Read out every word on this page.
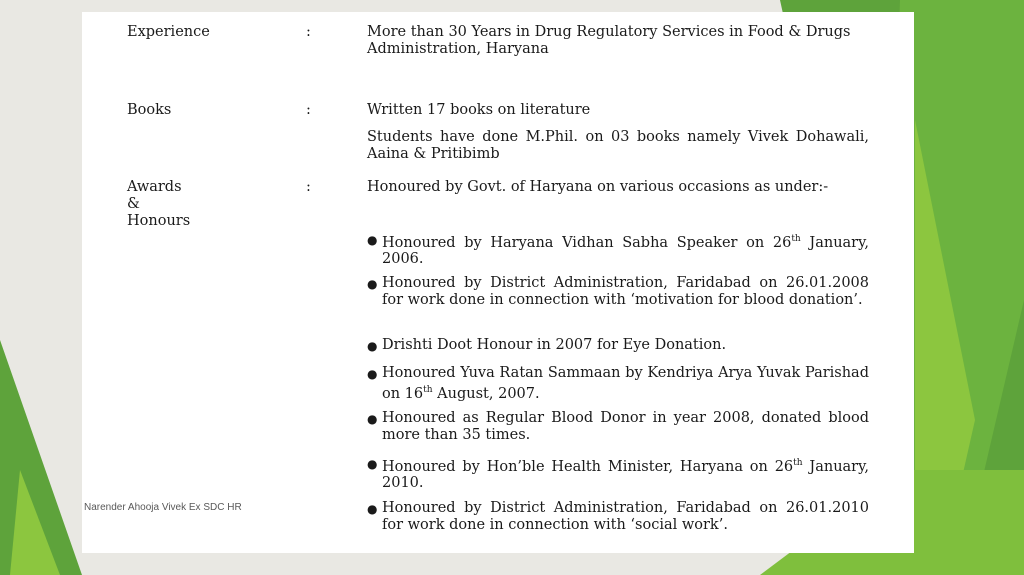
Experience	:	More than 30 Years in Drug Regulatory Services in Food & Drugs Administration, Haryana
Books	:	Written 17 books on literature
Students have done M.Phil. on 03 books namely Vivek Dohawali, Aaina & Pritibimb
Awards
&
Honours
:	Honoured by Govt. of Haryana on various occasions as under:-
● Honoured by Haryana Vidhan Sabha Speaker on 26th January, 2006.
● Honoured by District Administration, Faridabad on 26.01.2008 for work done in connection with ‘motivation for blood donation’.
● Drishti Doot Honour in 2007 for Eye Donation.
● Honoured Yuva Ratan Sammaan by Kendriya Arya Yuvak Parishad on 16th August, 2007.
● Honoured as Regular Blood Donor in year 2008, donated blood more than 35 times.
● Honoured by Hon’ble Health Minister, Haryana on 26th January, 2010.
● Honoured by District Administration, Faridabad on 26.01.2010 for work done in connection with ‘social work’.
Narender Ahooja Vivek Ex SDC HR
